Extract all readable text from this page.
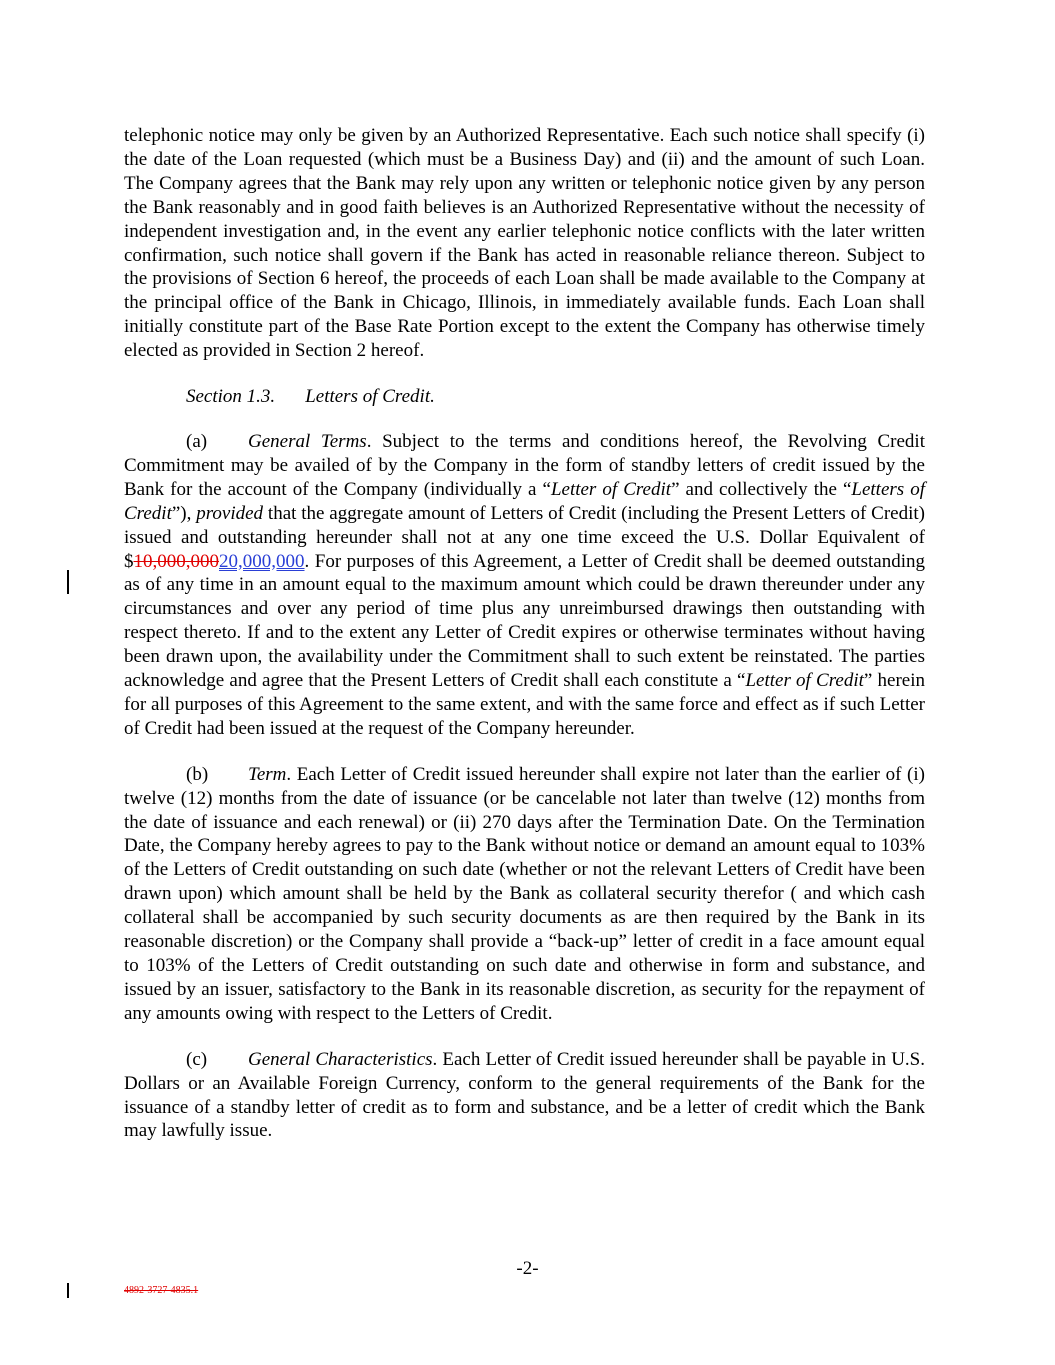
telephonic notice may only be given by an Authorized Representative. Each such notice shall specify (i) the date of the Loan requested (which must be a Business Day) and (ii) and the amount of such Loan. The Company agrees that the Bank may rely upon any written or telephonic notice given by any person the Bank reasonably and in good faith believes is an Authorized Representative without the necessity of independent investigation and, in the event any earlier telephonic notice conflicts with the later written confirmation, such notice shall govern if the Bank has acted in reasonable reliance thereon. Subject to the provisions of Section 6 hereof, the proceeds of each Loan shall be made available to the Company at the principal office of the Bank in Chicago, Illinois, in immediately available funds. Each Loan shall initially constitute part of the Base Rate Portion except to the extent the Company has otherwise timely elected as provided in Section 2 hereof.

Section 1.3. Letters of Credit.

(a) General Terms. Subject to the terms and conditions hereof, the Revolving Credit Commitment may be availed of by the Company in the form of standby letters of credit issued by the Bank for the account of the Company (individually a “Letter of Credit” and collectively the “Letters of Credit”), provided that the aggregate amount of Letters of Credit (including the Present Letters of Credit) issued and outstanding hereunder shall not at any one time exceed the U.S. Dollar Equivalent of $10,000,00020,000,000. For purposes of this Agreement, a Letter of Credit shall be deemed outstanding as of any time in an amount equal to the maximum amount which could be drawn thereunder under any circumstances and over any period of time plus any unreimbursed drawings then outstanding with respect thereto. If and to the extent any Letter of Credit expires or otherwise terminates without having been drawn upon, the availability under the Commitment shall to such extent be reinstated. The parties acknowledge and agree that the Present Letters of Credit shall each constitute a “Letter of Credit” herein for all purposes of this Agreement to the same extent, and with the same force and effect as if such Letter of Credit had been issued at the request of the Company hereunder.

(b) Term. Each Letter of Credit issued hereunder shall expire not later than the earlier of (i) twelve (12) months from the date of issuance (or be cancelable not later than twelve (12) months from the date of issuance and each renewal) or (ii) 270 days after the Termination Date. On the Termination Date, the Company hereby agrees to pay to the Bank without notice or demand an amount equal to 103% of the Letters of Credit outstanding on such date (whether or not the relevant Letters of Credit have been drawn upon) which amount shall be held by the Bank as collateral security therefor ( and which cash collateral shall be accompanied by such security documents as are then required by the Bank in its reasonable discretion) or the Company shall provide a “back-up” letter of credit in a face amount equal to 103% of the Letters of Credit outstanding on such date and otherwise in form and substance, and issued by an issuer, satisfactory to the Bank in its reasonable discretion, as security for the repayment of any amounts owing with respect to the Letters of Credit.

(c) General Characteristics. Each Letter of Credit issued hereunder shall be payable in U.S. Dollars or an Available Foreign Currency, conform to the general requirements of the Bank for the issuance of a standby letter of credit as to form and substance, and be a letter of credit which the Bank may lawfully issue.

-2-
4892-3727-4835.1
